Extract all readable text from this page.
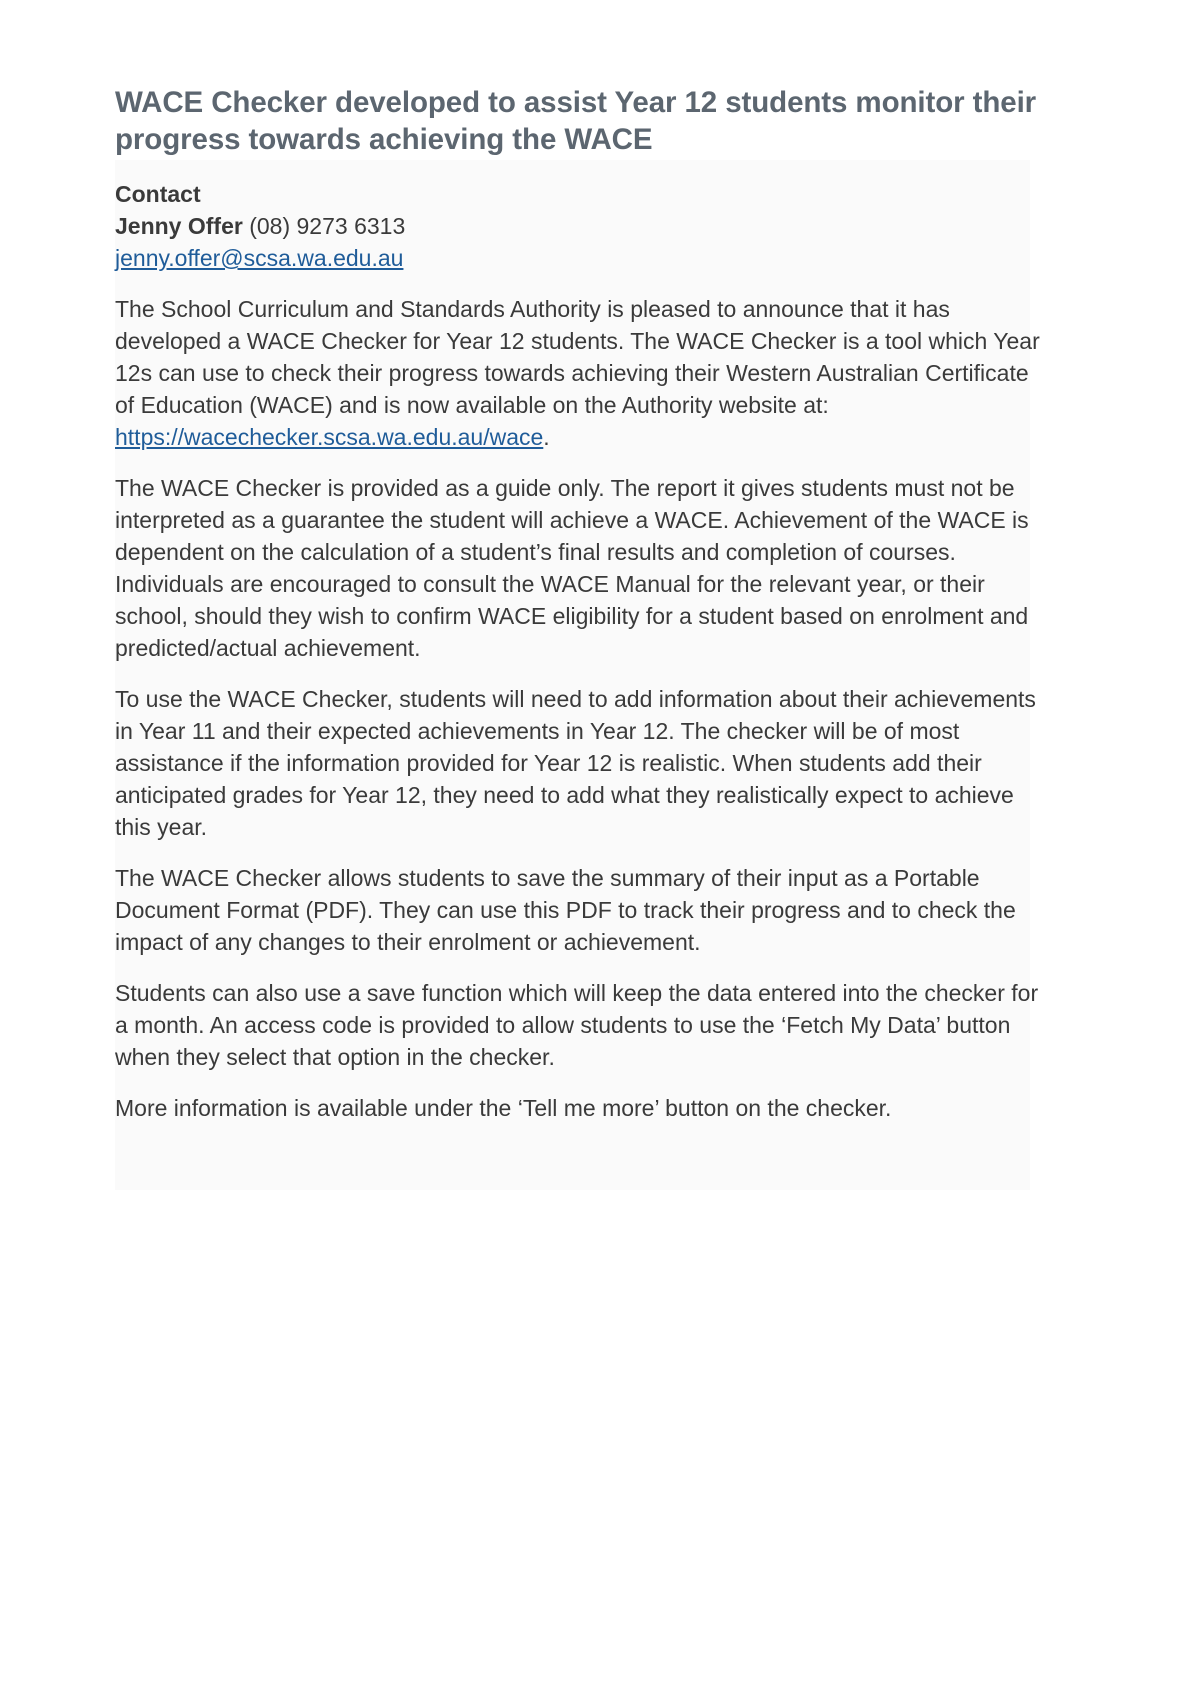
WACE Checker developed to assist Year 12 students monitor their progress towards achieving the WACE
Contact
Jenny Offer (08) 9273 6313
jenny.offer@scsa.wa.edu.au

The School Curriculum and Standards Authority is pleased to announce that it has developed a WACE Checker for Year 12 students. The WACE Checker is a tool which Year 12s can use to check their progress towards achieving their Western Australian Certificate of Education (WACE) and is now available on the Authority website at: https://wacechecker.scsa.wa.edu.au/wace.

The WACE Checker is provided as a guide only. The report it gives students must not be interpreted as a guarantee the student will achieve a WACE. Achievement of the WACE is dependent on the calculation of a student’s final results and completion of courses. Individuals are encouraged to consult the WACE Manual for the relevant year, or their school, should they wish to confirm WACE eligibility for a student based on enrolment and predicted/actual achievement.

To use the WACE Checker, students will need to add information about their achievements in Year 11 and their expected achievements in Year 12. The checker will be of most assistance if the information provided for Year 12 is realistic. When students add their anticipated grades for Year 12, they need to add what they realistically expect to achieve this year.

The WACE Checker allows students to save the summary of their input as a Portable Document Format (PDF). They can use this PDF to track their progress and to check the impact of any changes to their enrolment or achievement.

Students can also use a save function which will keep the data entered into the checker for a month. An access code is provided to allow students to use the ‘Fetch My Data’ button when they select that option in the checker.

More information is available under the ‘Tell me more’ button on the checker.
